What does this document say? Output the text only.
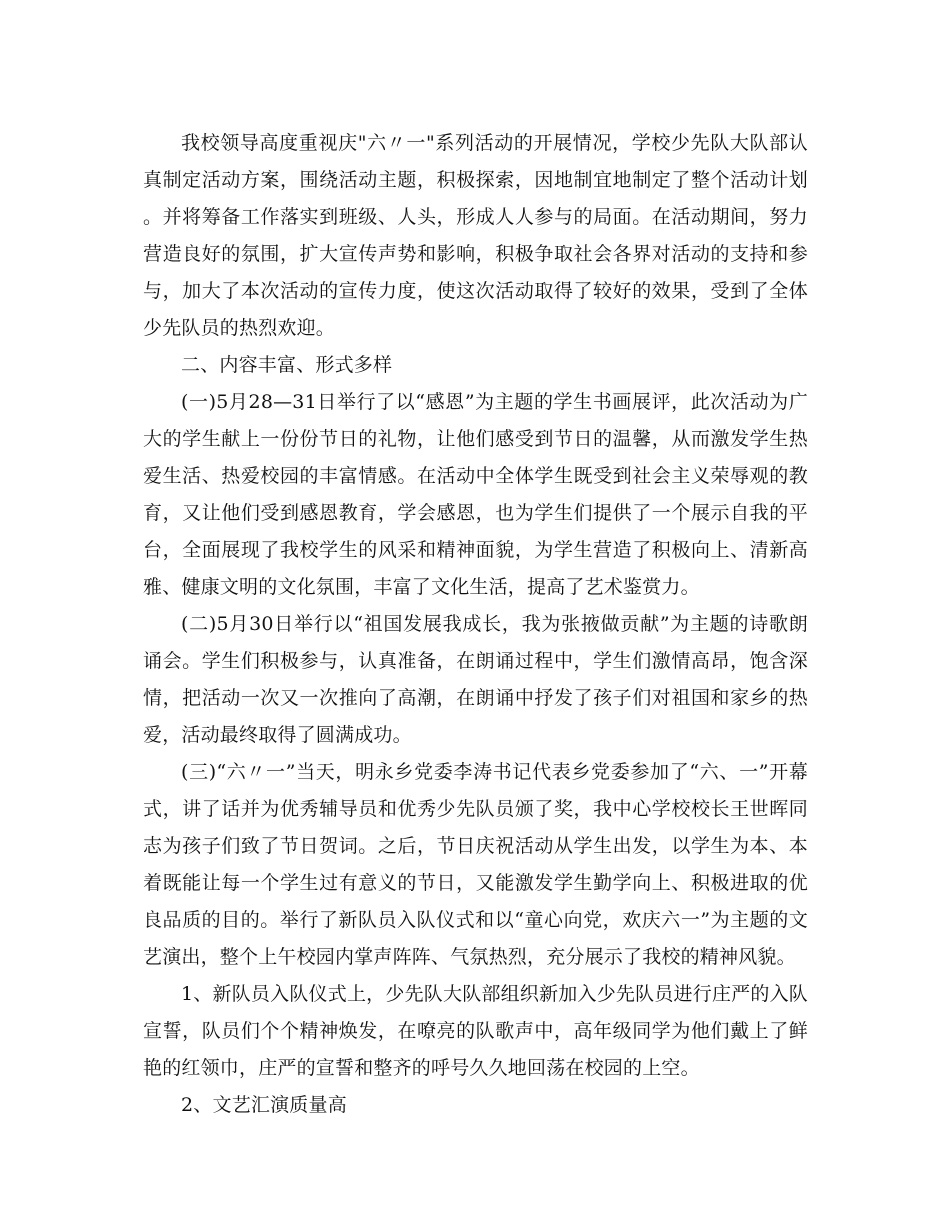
我校领导高度重视庆"六〃一"系列活动的开展情况，学校少先队大队部认真制定活动方案，围绕活动主题，积极探索，因地制宜地制定了整个活动计划。并将筹备工作落实到班级、人头，形成人人参与的局面。在活动期间，努力营造良好的氛围，扩大宣传声势和影响，积极争取社会各界对活动的支持和参与，加大了本次活动的宣传力度，使这次活动取得了较好的效果，受到了全体少先队员的热烈欢迎。

二、内容丰富、形式多样

(一)5月28—31日举行了以“感恩”为主题的学生书画展评，此次活动为广大的学生献上一份份节日的礼物，让他们感受到节日的温馨，从而激发学生热爱生活、热爱校园的丰富情感。在活动中全体学生既受到社会主义荣辱观的教育，又让他们受到感恩教育，学会感恩，也为学生们提供了一个展示自我的平台，全面展现了我校学生的风采和精神面貌，为学生营造了积极向上、清新高雅、健康文明的文化氛围，丰富了文化生活，提高了艺术鉴赏力。

(二)5月30日举行以“祖国发展我成长，我为张掖做贡献”为主题的诗歌朗诵会。学生们积极参与，认真准备，在朗诵过程中，学生们激情高昂，饱含深情，把活动一次又一次推向了高潮，在朗诵中抒发了孩子们对祖国和家乡的热爱，活动最终取得了圆满成功。

(三)“六〃一”当天，明永乡党委李涛书记代表乡党委参加了“六、一”开幕式，讲了话并为优秀辅导员和优秀少先队员颁了奖，我中心学校校长王世晖同志为孩子们致了节日贺词。之后，节日庆祝活动从学生出发，以学生为本、本着既能让每一个学生过有意义的节日，又能激发学生勤学向上、积极进取的优良品质的目的。举行了新队员入队仪式和以“童心向党，欢庆六一”为主题的文艺演出，整个上午校园内掌声阵阵、气氛热烈，充分展示了我校的精神风貌。

1、新队员入队仪式上，少先队大队部组织新加入少先队员进行庄严的入队宣誓，队员们个个精神焕发，在嘹亮的队歌声中，高年级同学为他们戴上了鲜艳的红领巾，庄严的宣誓和整齐的呼号久久地回荡在校园的上空。

2、文艺汇演质量高
